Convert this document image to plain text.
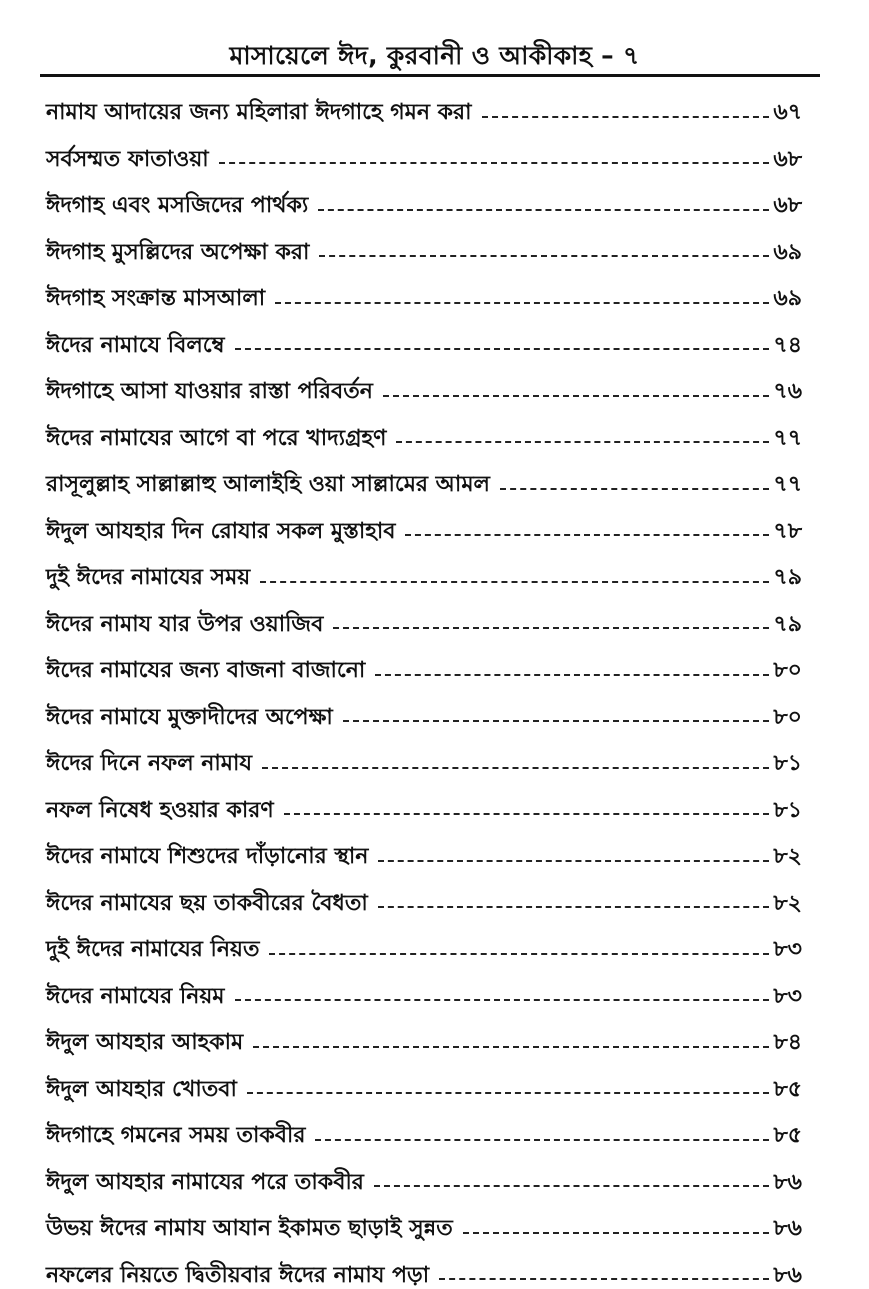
মাসায়েলে ঈদ, কুরবানী ও আকীকাহ – ৭
নামায আদায়ের জন্য মহিলারা ঈদগাহে গমন করা	৬৭
সর্বসম্মত ফাতাওয়া	৬৮
ঈদগাহ এবং মসজিদের পার্থক্য	৬৮
ঈদগাহ মুসল্লিদের অপেক্ষা করা	৬৯
ঈদগাহ সংক্রান্ত মাসআলা	৬৯
ঈদের নামাযে বিলম্বে	৭৪
ঈদগাহে আসা যাওয়ার রাস্তা পরিবর্তন	৭৬
ঈদের নামাযের আগে বা পরে খাদ্যগ্রহণ	৭৭
রাসূলুল্লাহ সাল্লাল্লাহু আলাইহি ওয়া সাল্লামের আমল	৭৭
ঈদুল আযহার দিন রোযার সকল মুস্তাহাব	৭৮
দুই ঈদের নামাযের সময়	৭৯
ঈদের নামায যার উপর ওয়াজিব	৭৯
ঈদের নামাযের জন্য বাজনা বাজানো	৮০
ঈদের নামাযে মুক্তাদীদের অপেক্ষা	৮০
ঈদের দিনে নফল নামায	৮১
নফল নিষেধ হওয়ার কারণ	৮১
ঈদের নামাযে শিশুদের দাঁড়ানোর স্থান	৮২
ঈদের নামাযের ছয় তাকবীরের বৈধতা	৮২
দুই ঈদের নামাযের নিয়ত	৮৩
ঈদের নামাযের নিয়ম	৮৩
ঈদুল আযহার আহকাম	৮৪
ঈদুল আযহার খোতবা	৮৫
ঈদগাহে গমনের সময় তাকবীর	৮৫
ঈদুল আযহার নামাযের পরে তাকবীর	৮৬
উভয় ঈদের নামায আযান ইকামত ছাড়াই সুন্নত	৮৬
নফলের নিয়তে দ্বিতীয়বার ঈদের নামায পড়া	৮৬
